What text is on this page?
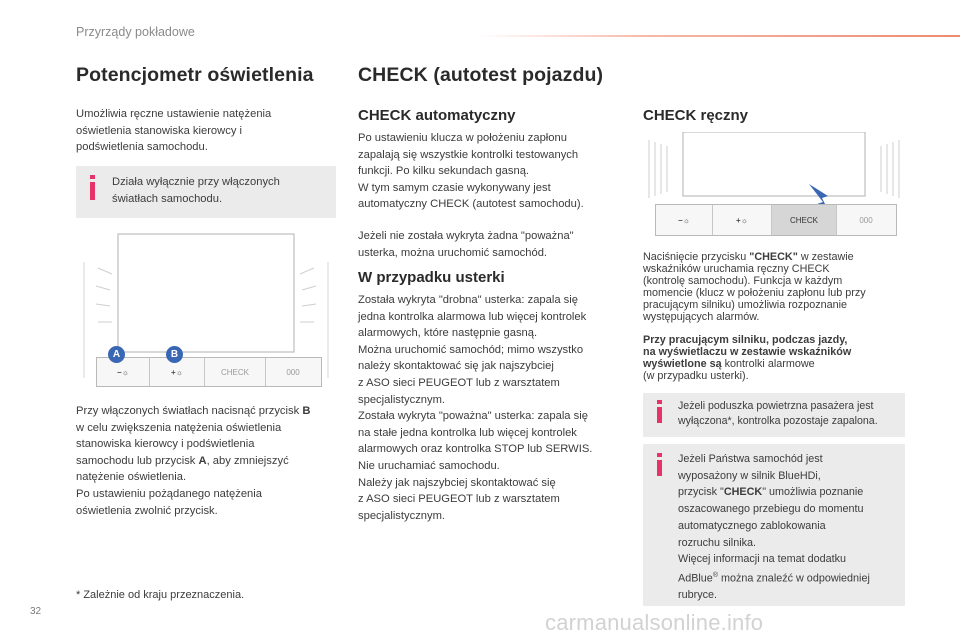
Przyrządy pokładowe
Potencjometr oświetlenia

Umożliwia ręczne ustawienie natężenia

oświetlenia stanowiska kierowcy i

podświetlenia samochodu.

Działa wyłącznie przy włączonych

światłach samochodu.

−☼	+☼	CHECK	000
A	B

Przy włączonych światłach nacisnąć przycisk B

w celu zwiększenia natężenia oświetlenia

stanowiska kierowcy i podświetlenia

samochodu lub przycisk A, aby zmniejszyć

natężenie oświetlenia.

Po ustawieniu pożądanego natężenia

oświetlenia zwolnić przycisk.

* Zależnie od kraju przeznaczenia.
CHECK (autotest pojazdu)
CHECK automatyczny

Po ustawieniu klucza w położeniu zapłonu

zapalają się wszystkie kontrolki testowanych

funkcji. Po kilku sekundach gasną.

W tym samym czasie wykonywany jest

automatyczny CHECK (autotest samochodu).

Jeżeli nie została wykryta żadna "poważna"

usterka, można uruchomić samochód.

W przypadku usterki

Została wykryta "drobna" usterka: zapala się

jedna kontrolka alarmowa lub więcej kontrolek

alarmowych, które następnie gasną.

Można uruchomić samochód; mimo wszystko

należy skontaktować się jak najszybciej

z ASO sieci PEUGEOT lub z warsztatem

specjalistycznym.

Została wykryta "poważna" usterka: zapala się

na stałe jedna kontrolka lub więcej kontrolek

alarmowych oraz kontrolka STOP lub SERWIS.

Nie uruchamiać samochodu.

Należy jak najszybciej skontaktować się

z ASO sieci PEUGEOT lub z warsztatem

specjalistycznym.

CHECK ręczny
−☼	+☼	CHECK	000

Naciśnięcie przycisku "CHECK" w zestawie

wskaźników uruchamia ręczny CHECK

(kontrolę samochodu). Funkcja w każdym

momencie (klucz w położeniu zapłonu lub przy

pracującym silniku) umożliwia rozpoznanie

występujących alarmów.

Przy pracującym silniku, podczas jazdy,

na wyświetlaczu w zestawie wskaźników

wyświetlone są kontrolki alarmowe

(w przypadku usterki).

Jeżeli poduszka powietrzna pasażera jest

wyłączona*, kontrolka pozostaje zapalona.

Jeżeli Państwa samochód jest

wyposażony w silnik BlueHDi,

przycisk "CHECK" umożliwia poznanie

oszacowanego przebiegu do momentu

automatycznego zablokowania

rozruchu silnika.

Więcej informacji na temat dodatku

AdBlue® można znaleźć w odpowiedniej

rubryce.

32	carmanualsonline.info
